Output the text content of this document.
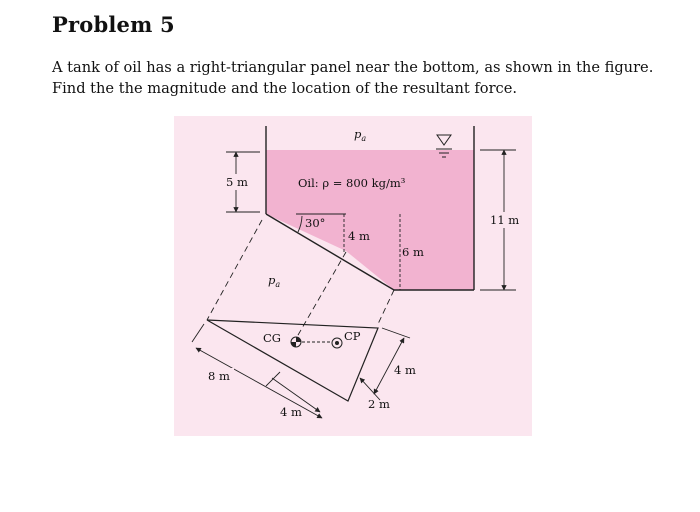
Problem 5
A tank of oil has a right-triangular panel near the bottom, as shown in the figure.
Find the the magnitude and the location of the resultant force.
$p_a$
Oil: ρ = 800 kg/m³
5 m
11 m
30°
4 m
6 m
$p_a$
CG	CP
8 m
4 m
4 m
2 m
